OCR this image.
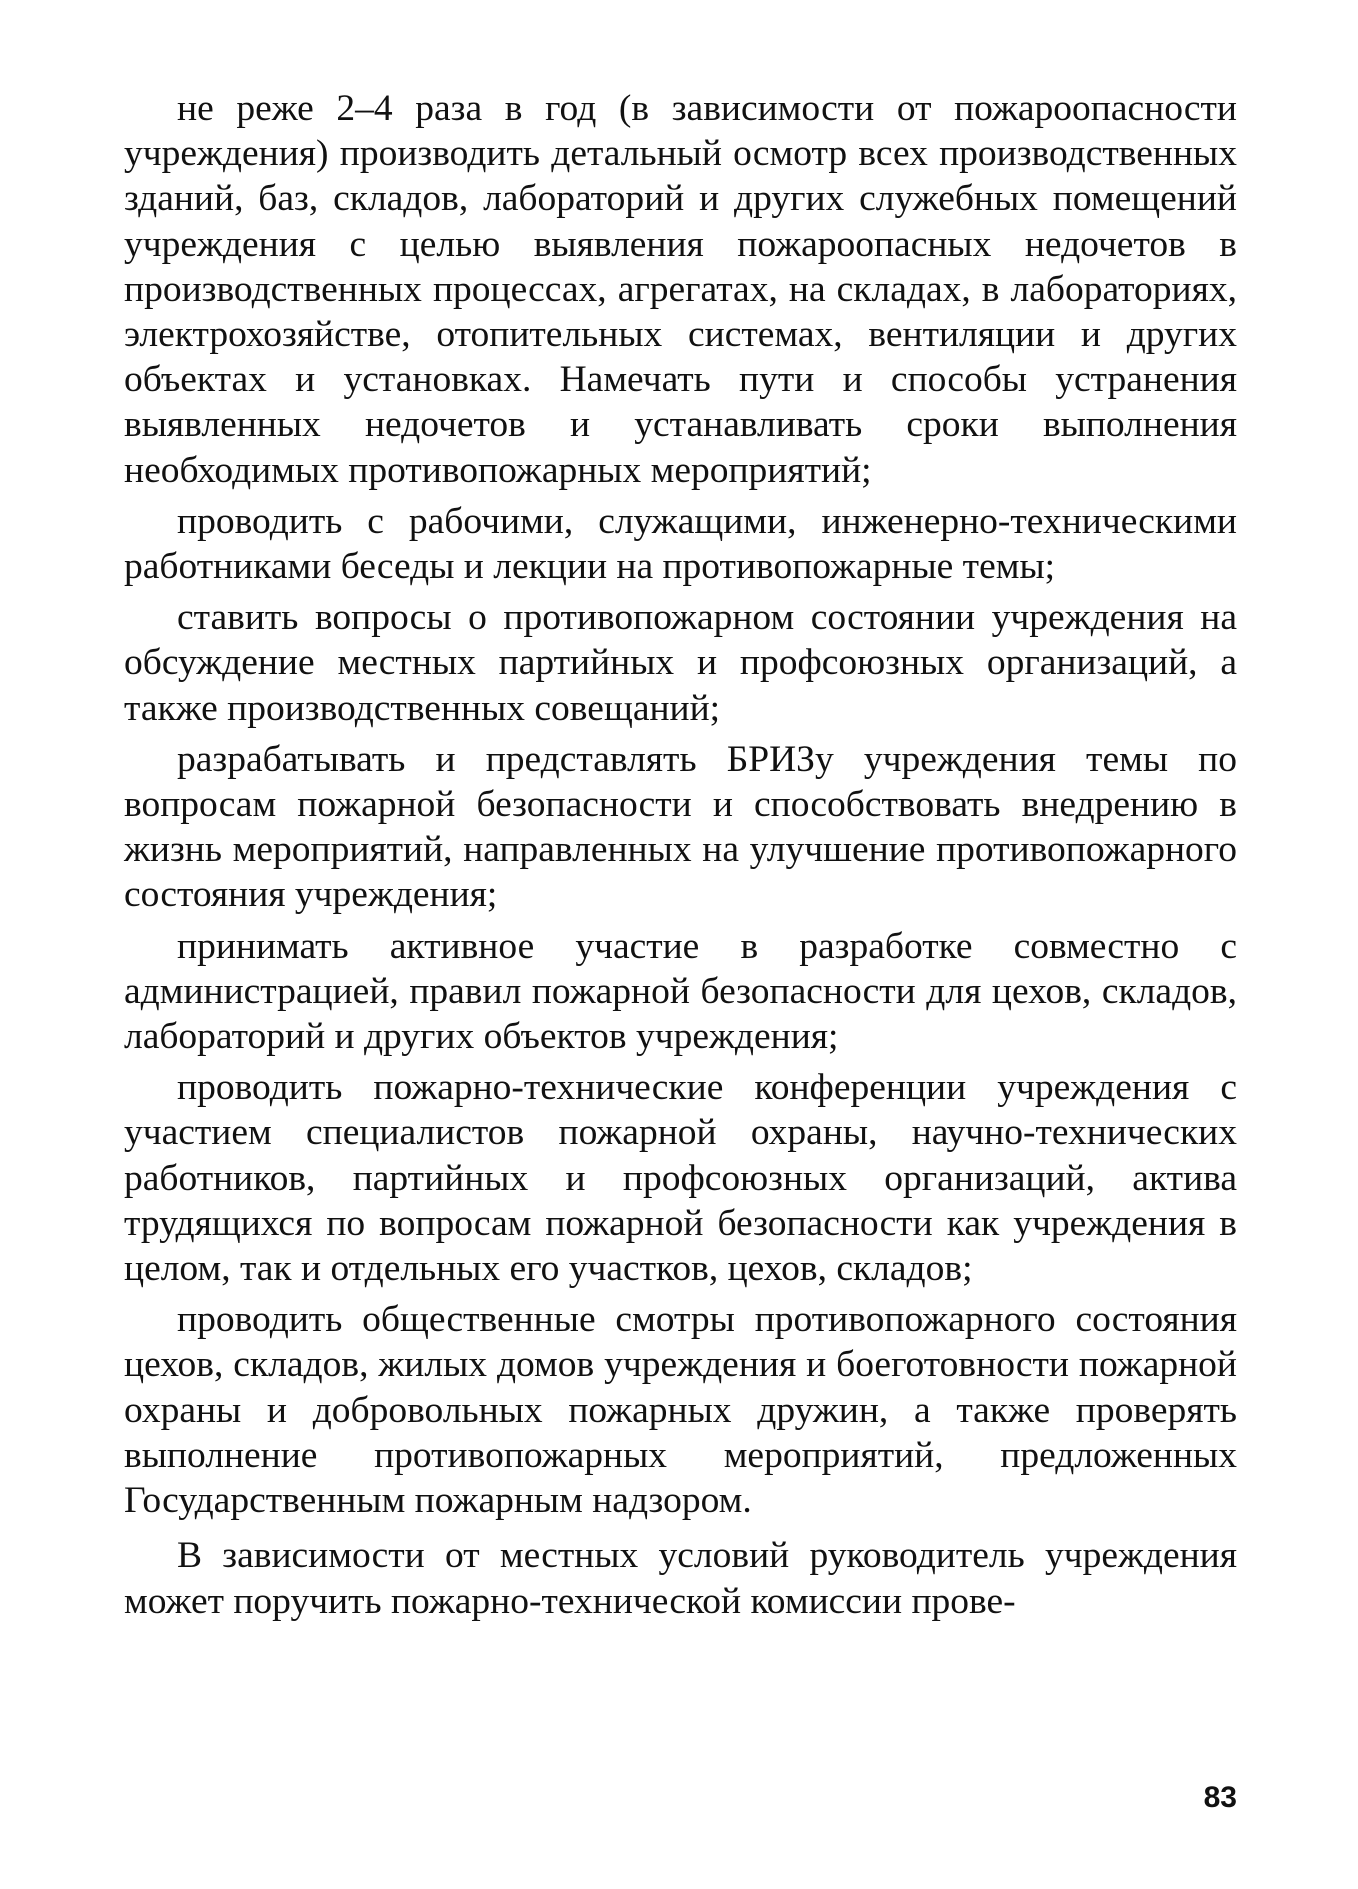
не реже 2–4 раза в год (в зависимости от пожароопасности учреждения) производить детальный осмотр всех производственных зданий, баз, складов, лабораторий и других служебных помещений учреждения с целью выявления пожароопасных недочетов в производственных процессах, агрегатах, на складах, в лабораториях, электрохозяйстве, отопительных системах, вентиляции и других объектах и установках. Намечать пути и способы устранения выявленных недочетов и устанавливать сроки выполнения необходимых противопожарных мероприятий;

проводить с рабочими, служащими, инженерно-техническими работниками беседы и лекции на противопожарные темы;

ставить вопросы о противопожарном состоянии учреждения на обсуждение местных партийных и профсоюзных организаций, а также производственных совещаний;

разрабатывать и представлять БРИЗу учреждения темы по вопросам пожарной безопасности и способствовать внедрению в жизнь мероприятий, направленных на улучшение противопожарного состояния учреждения;

принимать активное участие в разработке совместно с администрацией, правил пожарной безопасности для цехов, складов, лабораторий и других объектов учреждения;

проводить пожарно-технические конференции учреждения с участием специалистов пожарной охраны, научно-технических работников, партийных и профсоюзных организаций, актива трудящихся по вопросам пожарной безопасности как учреждения в целом, так и отдельных его участков, цехов, складов;

проводить общественные смотры противопожарного состояния цехов, складов, жилых домов учреждения и боеготовности пожарной охраны и добровольных пожарных дружин, а также проверять выполнение противопожарных мероприятий, предложенных Государственным пожарным надзором.

В зависимости от местных условий руководитель учреждения может поручить пожарно-технической комиссии прове-

83
